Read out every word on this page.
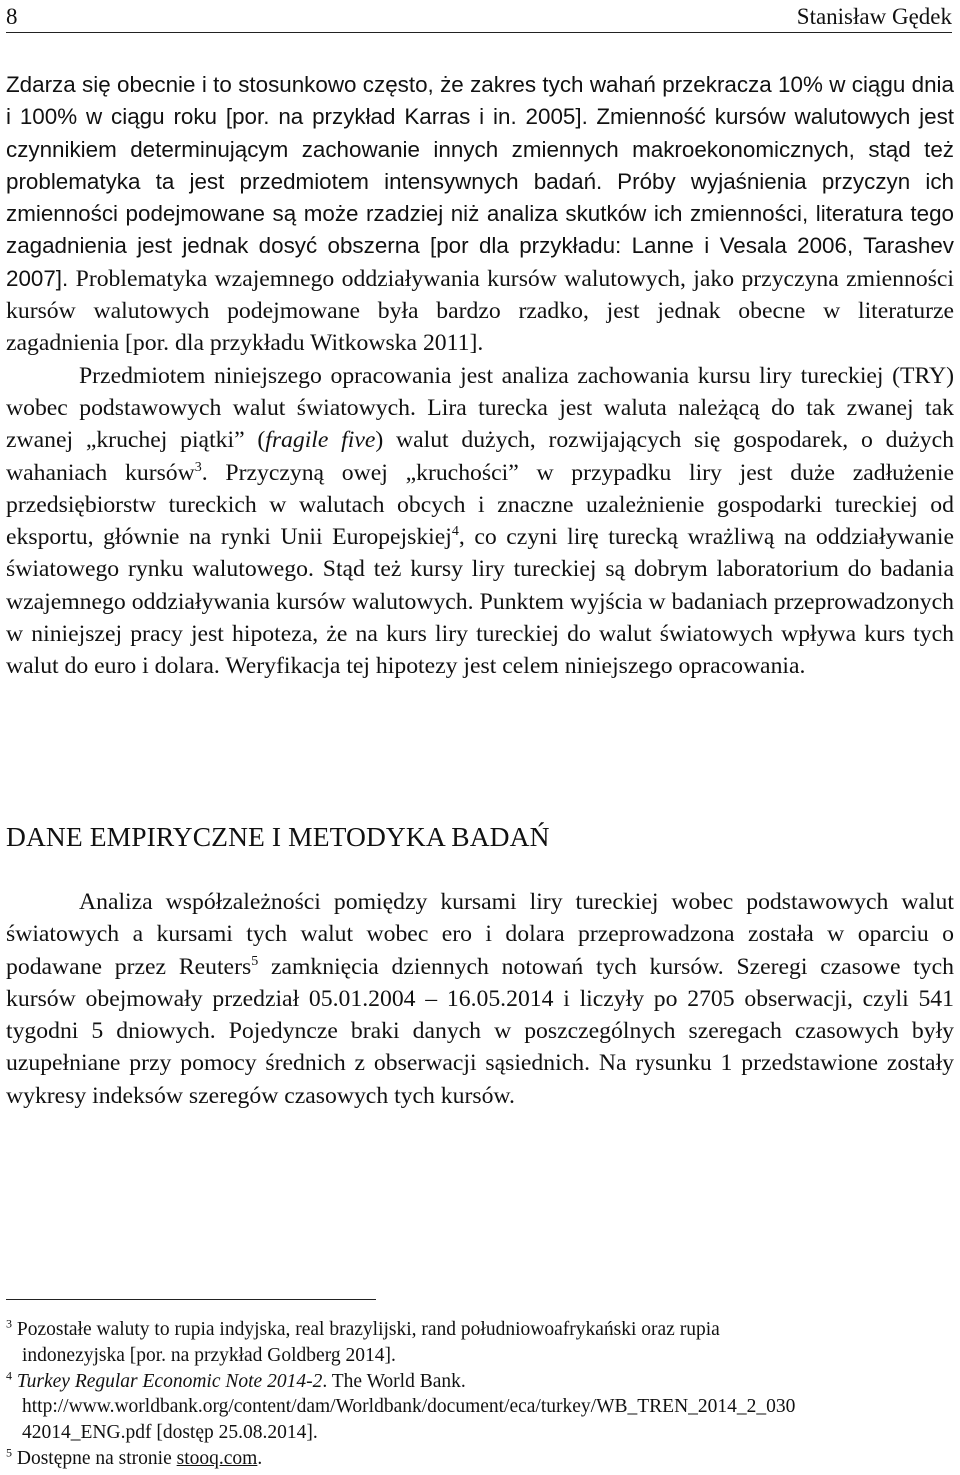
8	Stanisław Gędek

Zdarza się obecnie i to stosunkowo często, że zakres tych wahań przekracza 10% w ciągu dnia i 100% w ciągu roku [por. na przykład Karras i in. 2005]. Zmienność kursów walutowych jest czynnikiem determinującym zachowanie innych zmiennych makroekonomicznych, stąd też problematyka ta jest przedmiotem intensywnych badań. Próby wyjaśnienia przyczyn ich zmienności podejmowane są może rzadziej niż analiza skutków ich zmienności, literatura tego zagadnienia jest jednak dosyć obszerna [por dla przykładu: Lanne i Vesala 2006, Tarashev 2007]. Problematyka wzajemnego oddziaływania kursów walutowych, jako przyczyna zmienności kursów walutowych podejmowane była bardzo rzadko, jest jednak obecne w literaturze zagadnienia [por. dla przykładu Witkowska 2011].

Przedmiotem niniejszego opracowania jest analiza zachowania kursu liry tureckiej (TRY) wobec podstawowych walut światowych. Lira turecka jest waluta należącą do tak zwanej tak zwanej „kruchej piątki” (fragile five) walut dużych, rozwijających się gospodarek, o dużych wahaniach kursów$^3$. Przyczyną owej „kruchości” w przypadku liry jest duże zadłużenie przedsiębiorstw tureckich w walutach obcych i znaczne uzależnienie gospodarki tureckiej od eksportu, głównie na rynki Unii Europejskiej$^4$, co czyni lirę turecką wrażliwą na oddziaływanie światowego rynku walutowego. Stąd też kursy liry tureckiej są dobrym laboratorium do badania wzajemnego oddziaływania kursów walutowych. Punktem wyjścia w badaniach przeprowadzonych w niniejszej pracy jest hipoteza, że na kurs liry tureckiej do walut światowych wpływa kurs tych walut do euro i dolara. Weryfikacja tej hipotezy jest celem niniejszego opracowania.

DANE EMPIRYCZNE I METODYKA BADAŃ

Analiza współzależności pomiędzy kursami liry tureckiej wobec podstawowych walut światowych a kursami tych walut wobec ero i dolara przeprowadzona została w oparciu o podawane przez Reuters$^5$ zamknięcia dziennych notowań tych kursów. Szeregi czasowe tych kursów obejmowały przedział 05.01.2004 – 16.05.2014 i liczyły po 2705 obserwacji, czyli 541 tygodni 5 dniowych. Pojedyncze braki danych w poszczególnych szeregach czasowych były uzupełniane przy pomocy średnich z obserwacji sąsiednich. Na rysunku 1 przedstawione zostały wykresy indeksów szeregów czasowych tych kursów.

$^3$ Pozostałe waluty to rupia indyjska, real brazylijski, rand południowoafrykański oraz rupia

indonezyjska [por. na przykład Goldberg 2014].

$^4$ Turkey Regular Economic Note 2014-2. The World Bank.

http://www.worldbank.org/content/dam/Worldbank/document/eca/turkey/WB_TREN_2014_2_030

42014_ENG.pdf [dostęp 25.08.2014].

$^5$ Dostępne na stronie stooq.com.
